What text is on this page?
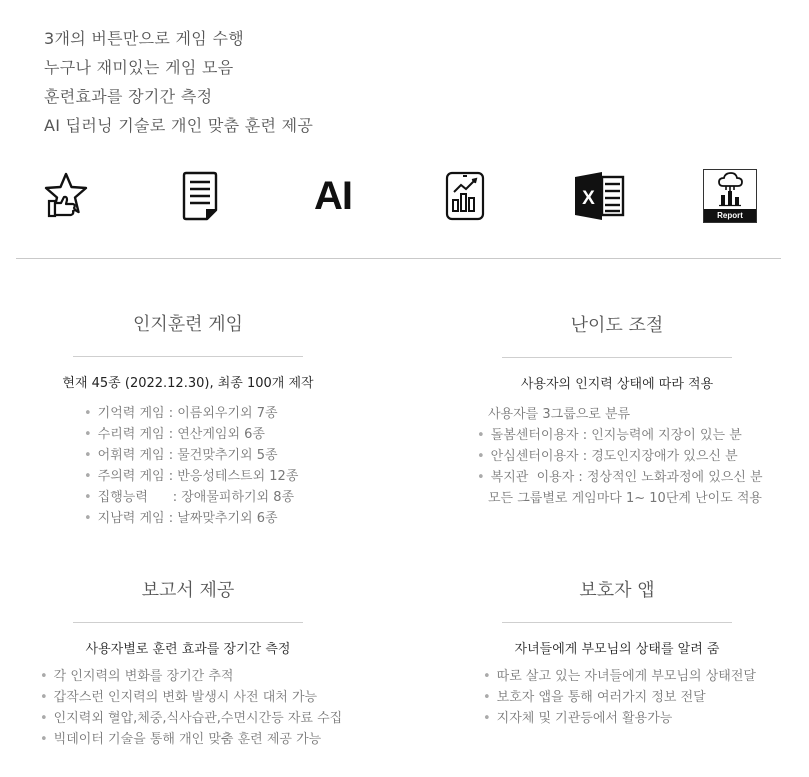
3개의 버튼만으로 게임 수행
누구나 재미있는 게임 모음
훈련효과를 장기간 측정
AI 딥러닝 기술로 개인 맞춤 훈련 제공
AI	X
Report
인지훈련 게임
현재 45종 (2022.12.30), 최종 100개 제작
• 기억력 게임 : 이름외우기외 7종
• 수리력 게임 : 연산게임외 6종
• 어휘력 게임 : 물건맞추기외 5종
• 주의력 게임 : 반응성테스트외 12종
• 집행능력      : 장애물피하기외 8종
• 지남력 게임 : 날짜맞추기외 6종
난이도 조절
사용자의 인지력 상태에 따라 적용
사용자를 3그룹으로 분류
• 돌봄센터이용자 : 인지능력에 지장이 있는 분
• 안심센터이용자 : 경도인지장애가 있으신 분
• 복지관  이용자 : 정상적인 노화과정에 있으신 분
모든 그룹별로 게임마다 1~ 10단계 난이도 적용
보고서 제공
사용자별로 훈련 효과를 장기간 측정
• 각 인지력의 변화를 장기간 추적
• 갑작스런 인지력의 변화 발생시 사전 대처 가능
• 인지력외 혈압,체중,식사습관,수면시간등 자료 수집
• 빅데이터 기술을 통해 개인 맞춤 훈련 제공 가능
보호자 앱
자녀들에게 부모님의 상태를 알려 줌
• 따로 살고 있는 자녀들에게 부모님의 상태전달
• 보호자 앱을 통해 여러가지 정보 전달
• 지자체 및 기관등에서 활용가능
